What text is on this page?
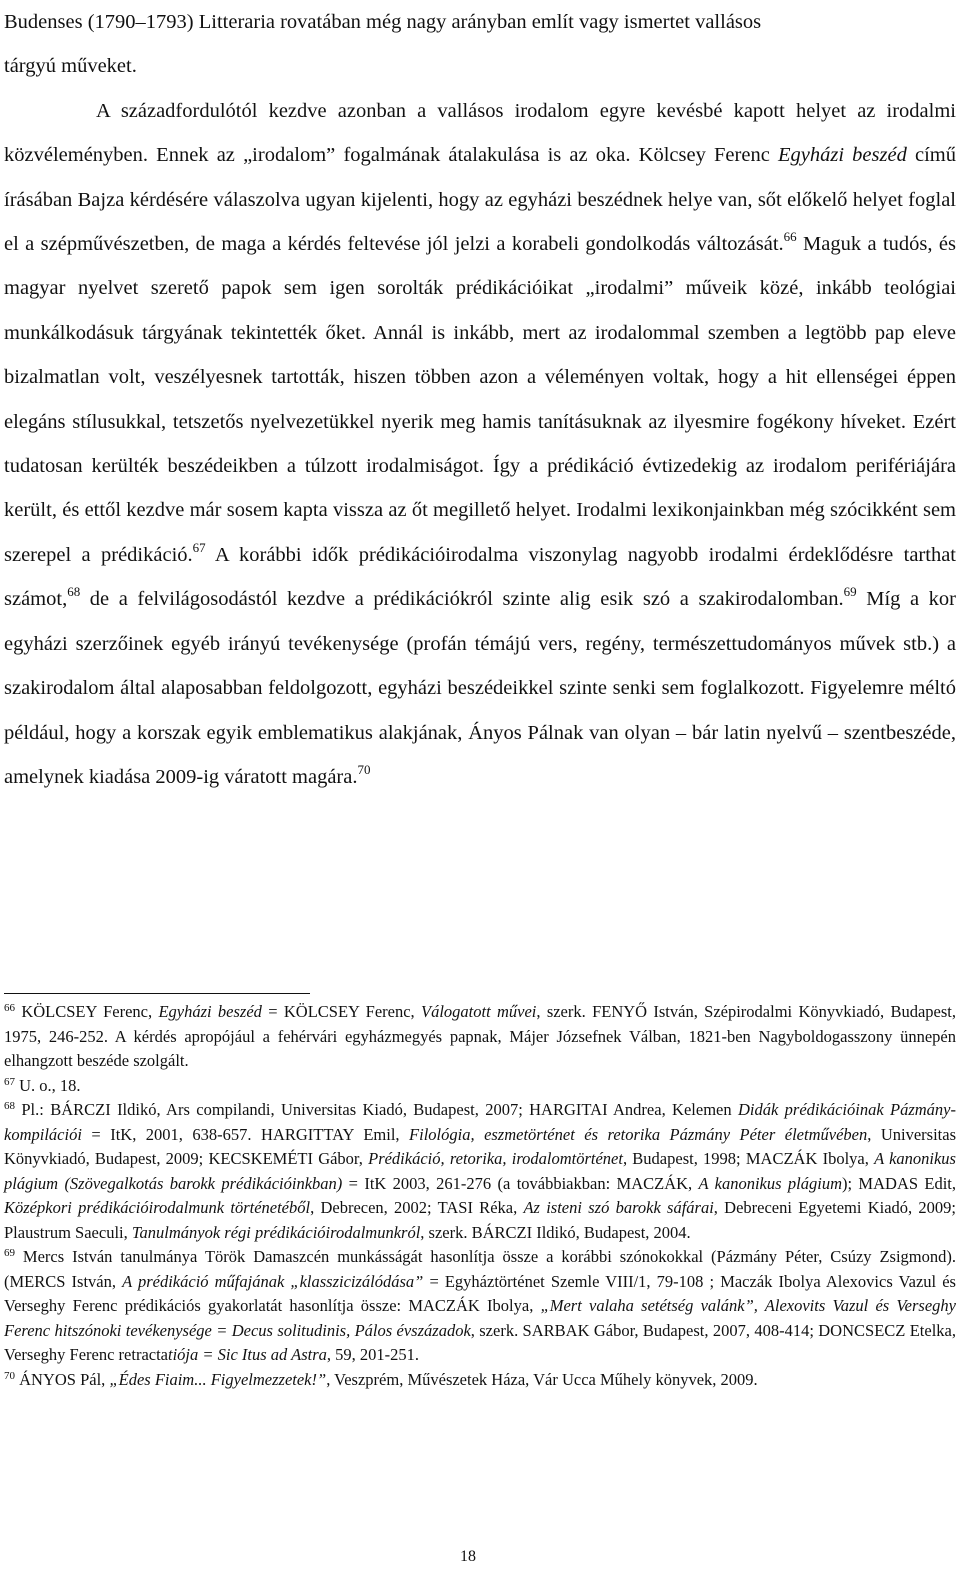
Budenses (1790–1793) Litteraria rovatában még nagy arányban említ vagy ismertet vallásos
tárgyú műveket.

A századfordulótól kezdve azonban a vallásos irodalom egyre kevésbé kapott helyet az irodalmi közvéleményben. Ennek az „irodalom” fogalmának átalakulása is az oka. Kölcsey Ferenc Egyházi beszéd című írásában Bajza kérdésére válaszolva ugyan kijelenti, hogy az egyházi beszédnek helye van, sőt előkelő helyet foglal el a szépművészetben, de maga a kérdés feltevése jól jelzi a korabeli gondolkodás változását.$^{66}$ Maguk a tudós, és magyar nyelvet szerető papok sem igen sorolták prédikációikat „irodalmi” műveik közé, inkább teológiai munkálkodásuk tárgyának tekintették őket. Annál is inkább, mert az irodalommal szemben a legtöbb pap eleve bizalmatlan volt, veszélyesnek tartották, hiszen többen azon a véleményen voltak, hogy a hit ellenségei éppen elegáns stílusukkal, tetszetős nyelvezetükkel nyerik meg hamis tanításuknak az ilyesmire fogékony híveket. Ezért tudatosan kerülték beszédeikben a túlzott irodalmiságot. Így a prédikáció évtizedekig az irodalom perifériájára került, és ettől kezdve már sosem kapta vissza az őt megillető helyet. Irodalmi lexikonjainkban még szócikként sem szerepel a prédikáció.$^{67}$ A korábbi idők prédikációirodalma viszonylag nagyobb irodalmi érdeklődésre tarthat számot,$^{68}$ de a felvilágosodástól kezdve a prédikációkról szinte alig esik szó a szakirodalomban.$^{69}$ Míg a kor egyházi szerzőinek egyéb irányú tevékenysége (profán témájú vers, regény, természettudományos művek stb.) a szakirodalom által alaposabban feldolgozott, egyházi beszédeikkel szinte senki sem foglalkozott. Figyelemre méltó például, hogy a korszak egyik emblematikus alakjának, Ányos Pálnak van olyan – bár latin nyelvű – szentbeszéde, amelynek kiadása 2009-ig váratott magára.$^{70}$

$^{66}$ KÖLCSEY Ferenc, Egyházi beszéd = KÖLCSEY Ferenc, Válogatott művei, szerk. FENYŐ István, Szépirodalmi Könyvkiadó, Budapest, 1975, 246-252. A kérdés apropójául a fehérvári egyházmegyés papnak, Májer Józsefnek Válban, 1821-ben Nagyboldogasszony ünnepén elhangzott beszéde szolgált.

$^{67}$ U. o., 18.

$^{68}$ Pl.: BÁRCZI Ildikó, Ars compilandi, Universitas Kiadó, Budapest, 2007; HARGITAI Andrea, Kelemen Didák prédikációinak Pázmány-kompilációi = ItK, 2001, 638-657. HARGITTAY Emil, Filológia, eszmetörténet és retorika Pázmány Péter életművében, Universitas Könyvkiadó, Budapest, 2009; KECSKEMÉTI Gábor, Prédikáció, retorika, irodalomtörténet, Budapest, 1998; MACZÁK Ibolya, A kanonikus plágium (Szövegalkotás barokk prédikációinkban) = ItK 2003, 261-276 (a továbbiakban: MACZÁK, A kanonikus plágium); MADAS Edit, Középkori prédikációirodalmunk történetéből, Debrecen, 2002; TASI Réka, Az isteni szó barokk sáfárai, Debreceni Egyetemi Kiadó, 2009; Plaustrum Saeculi, Tanulmányok régi prédikációirodalmunkról, szerk. BÁRCZI Ildikó, Budapest, 2004.

$^{69}$ Mercs István tanulmánya Török Damaszcén munkásságát hasonlítja össze a korábbi szónokokkal (Pázmány Péter, Csúzy Zsigmond). (MERCS István, A prédikáció műfajának „klasszicizálódása” = Egyháztörténet Szemle VIII/1, 79-108 ; Maczák Ibolya Alexovics Vazul és Verseghy Ferenc prédikációs gyakorlatát hasonlítja össze: MACZÁK Ibolya, „Mert valaha setétség valánk”, Alexovits Vazul és Verseghy Ferenc hitszónoki tevékenysége = Decus solitudinis, Pálos évszázadok, szerk. SARBAK Gábor, Budapest, 2007, 408-414; DONCSECZ Etelka, Verseghy Ferenc retractatiója = Sic Itus ad Astra, 59, 201-251.

$^{70}$ ÁNYOS Pál, „Édes Fiaim... Figyelmezzetek!”, Veszprém, Művészetek Háza, Vár Ucca Műhely könyvek, 2009.

18
